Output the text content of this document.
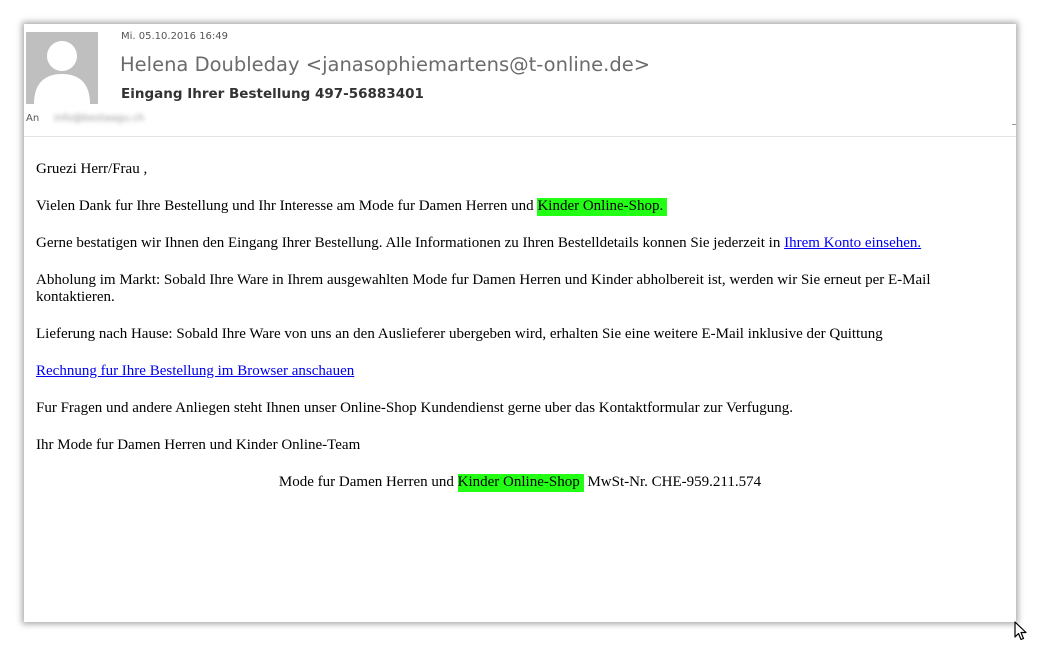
Mi. 05.10.2016 16:49
Helena Doubleday <janasophiemartens@t-online.de>
Eingang Ihrer Bestellung 497-56883401
An info@bestaagu.ch

Gruezi Herr/Frau ,

Vielen Dank fur Ihre Bestellung und Ihr Interesse am Mode fur Damen Herren und Kinder Online-Shop.

Gerne bestatigen wir Ihnen den Eingang Ihrer Bestellung. Alle Informationen zu Ihren Bestelldetails konnen Sie jederzeit in Ihrem Konto einsehen.

Abholung im Markt: Sobald Ihre Ware in Ihrem ausgewahlten Mode fur Damen Herren und Kinder abholbereit ist, werden wir Sie erneut per E-Mail kontaktieren.

Lieferung nach Hause: Sobald Ihre Ware von uns an den Auslieferer ubergeben wird, erhalten Sie eine weitere E-Mail inklusive der Quittung

Rechnung fur Ihre Bestellung im Browser anschauen

Fur Fragen und andere Anliegen steht Ihnen unser Online-Shop Kundendienst gerne uber das Kontaktformular zur Verfugung.

Ihr Mode fur Damen Herren und Kinder Online-Team

Mode fur Damen Herren und Kinder Online-Shop MwSt-Nr. CHE-959.211.574
